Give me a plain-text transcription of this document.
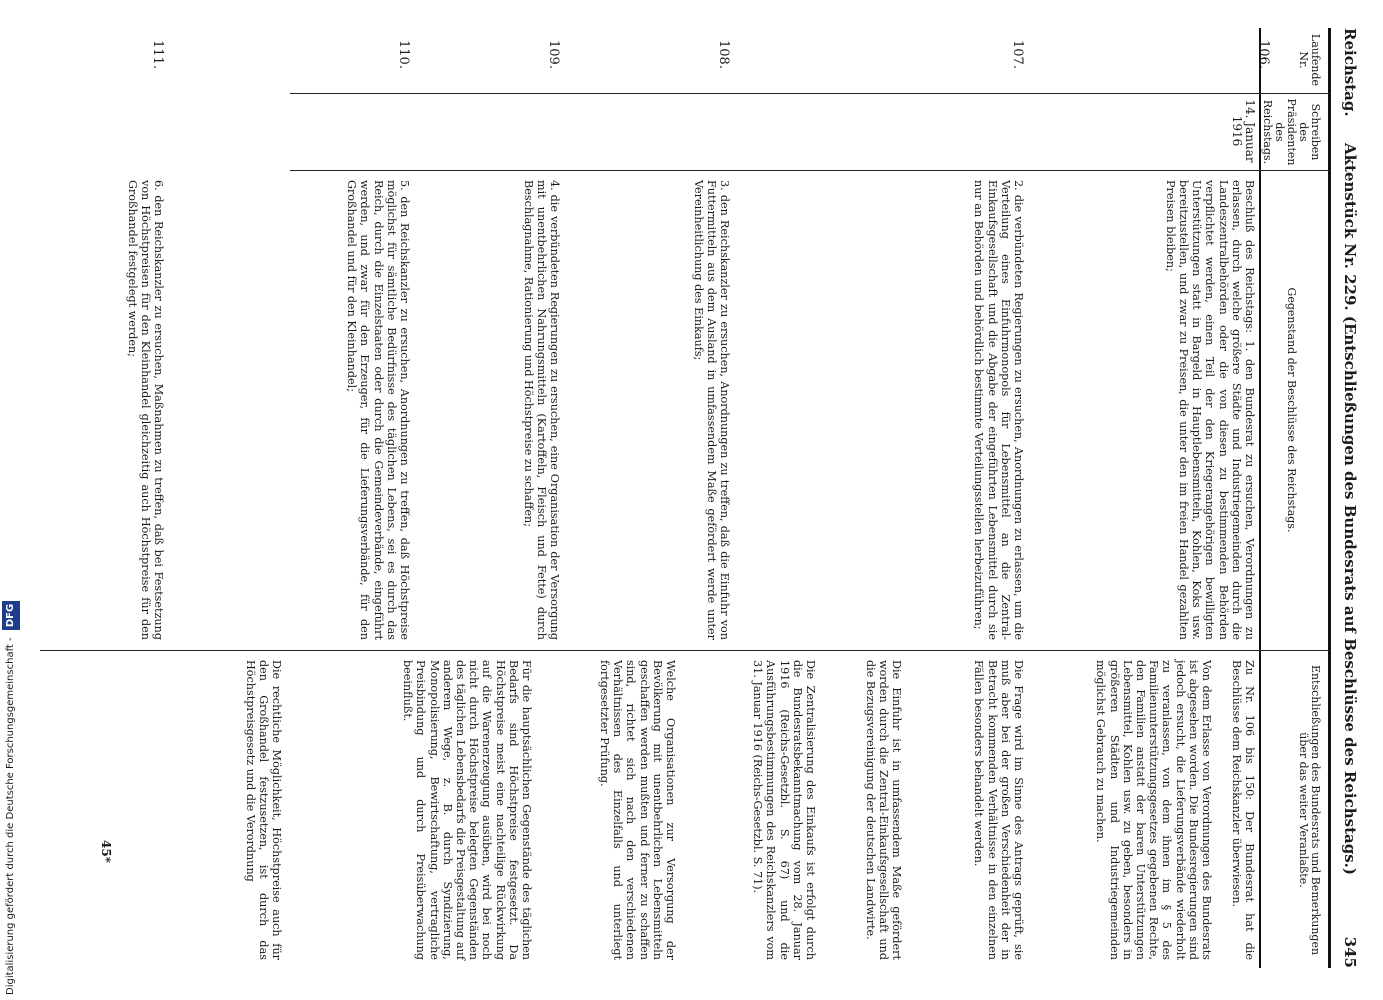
Reichstag.
Aktenstück Nr. 229. (Entschließungen des Bundesrats auf Beschlüsse des Reichstags.)
345
Laufende Nr.
Schreiben des Präsidenten des Reichstags.
Gegenstand der Beschlüsse des Reichstags.
Entschließungen des Bundesrats und Bemerkungen über das weiter Veranlaßte.
14. Januar 1916
106.
107.
108.
109.
110.
111.
Beschluß des Reichstags: 1. den Bundesrat zu ersuchen, Verordnungen zu erlassen, durch welche größere Städte und Industriegemeinden durch die Landeszentralbehörden oder die von diesen zu bestimmenden Behörden verpflichtet werden, einen Teil der den Kriegerangehörigen bewilligten Unterstützungen statt in Bargeld in Hauptlebensmitteln, Kohlen, Koks usw. bereitzustellen, und zwar zu Preisen, die unter den im freien Handel gezahlten Preisen bleiben;
2. die verbündeten Regierungen zu ersuchen, Anordnungen zu erlassen, um die Verteilung eines Einfuhrmonopols für Lebensmittel an die Zentral-Einkaufsgesellschaft und die Abgabe der eingeführten Lebensmittel durch sie nur an Behörden und behördlich bestimmte Verteilungsstellen herbeizuführen;
3. den Reichskanzler zu ersuchen, Anordnungen zu treffen, daß die Einfuhr von Futtermitteln aus dem Ausland in umfassendem Maße gefördert werde unter Vereinheitlichung des Einkaufs;
4. die verbündeten Regierungen zu ersuchen, eine Organisation der Versorgung mit unentbehrlichen Nahrungsmitteln (Kartoffeln, Fleisch und Fette) durch Beschlagnahme, Rationierung und Höchstpreise zu schaffen;
5. den Reichskanzler zu ersuchen, Anordnungen zu treffen, daß Höchstpreise möglichst für sämtliche Bedürfnisse des täglichen Lebens, sei es durch das Reich, durch die Einzelstaaten oder durch die Gemeindeverbände, eingeführt werden, und zwar für den Erzeuger, für die Lieferungsverbände, für den Großhandel und für den Kleinhandel;
6. den Reichskanzler zu ersuchen, Maßnahmen zu treffen, daß bei Festsetzung von Höchstpreisen für den Kleinhandel gleichzeitig auch Höchstpreise für den Großhandel festgelegt werden;
Zu Nr. 106 bis 150: Der Bundesrat hat die Beschlüsse dem Reichskanzler überwiesen.
Von dem Erlasse von Verordnungen des Bundesrats ist abgesehen worden. Die Bundesregierungen sind jedoch ersucht, die Lieferungsverbände wiederholt zu veranlassen, von dem ihnen im § 5 des Familienunterstützungsgesetzes gegebenen Rechte, den Familien anstatt der baren Unterstützungen Lebensmittel, Kohlen usw. zu geben, besonders in größeren Städten und Industriegemeinden möglichst Gebrauch zu machen.
Die Frage wird im Sinne des Antrags geprüft, sie muß aber bei der großen Verschiedenheit der in Betracht kommenden Verhältnisse in den einzelnen Fällen besonders behandelt werden.
Die Einfuhr ist in umfassendem Maße gefördert worden durch die Zentral-Einkaufsgesellschaft und die Bezugsvereinigung der deutschen Landwirte.
Die Zentralisierung des Einkaufs ist erfolgt durch die Bundesratsbekanntmachung vom 28. Januar 1916 (Reichs-Gesetzbl. S. 67) und die Ausführungsbestimmungen des Reichskanzlers vom 31. Januar 1916 (Reichs-Gesetzbl. S. 71).
Welche Organisationen zur Versorgung der Bevölkerung mit unentbehrlichen Lebensmitteln geschaffen werden mußten und ferner zu schaffen sind, richtet sich nach den verschiedenen Verhältnissen des Einzelfalls und unterliegt fortgesetzter Prüfung.
Für die hauptsächlichen Gegenstände des täglichen Bedarfs sind Höchstpreise festgesetzt. Da Höchstpreise meist eine nachteilige Rückwirkung auf die Warenerzeugung ausüben, wird bei noch nicht durch Höchstpreise belegten Gegenständen des täglichen Lebensbedarfs die Preisgestaltung auf anderem Wege, z. B. durch Syndizierung, Monopolisierung, Bewirtschaftung, vertragliche Preisbindung und durch Preisüberwachung beeinflußt.
Die rechtliche Möglichkeit, Höchstpreise auch für den Großhandel festzusetzen, ist durch das Höchstpreisgesetz und die Verordnung
45*
Digitalisierung gefördert durch die Deutsche Forschungsgemeinschaft - DFG
